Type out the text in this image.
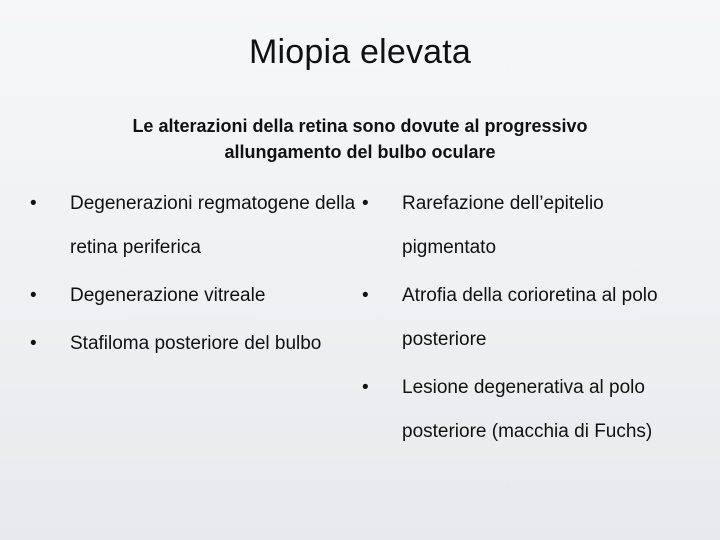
Miopia elevata
Le alterazioni della retina sono dovute al progressivo
allungamento del bulbo oculare
•	Degenerazioni regmatogene della retina periferica
•	Degenerazione vitreale
•	Stafiloma posteriore del bulbo
•	Rarefazione dell’epitelio pigmentato
•	Atrofia della corioretina al polo posteriore
•	Lesione degenerativa al polo posteriore (macchia di Fuchs)
